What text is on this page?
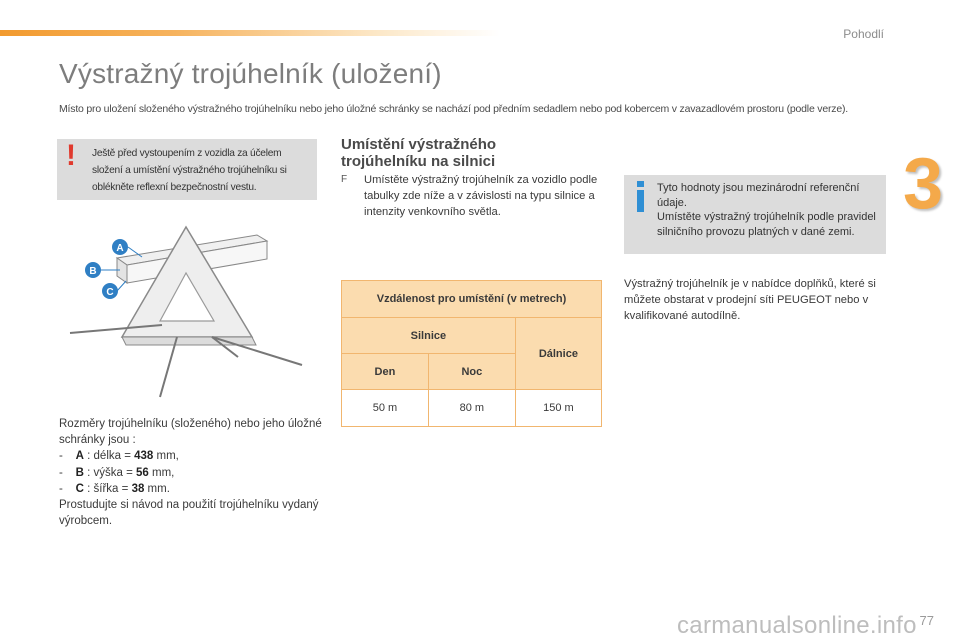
Pohodlí
3
Výstražný trojúhelník (uložení)
Místo pro uložení složeného výstražného trojúhelníku nebo jeho úložné schránky se nachází pod předním sedadlem nebo pod kobercem v zavazadlovém prostoru (podle verze).
! Ještě před vystoupením z vozidla za účelem složení a umístění výstražného trojúhelníku si oblékněte reflexní bezpečnostní vestu.
A
B
C
Rozměry trojúhelníku (složeného) nebo jeho úložné schránky jsou :
- A : délka = 438 mm,
- B : výška = 56 mm,
- C : šířka = 38 mm.
Prostudujte si návod na použití trojúhelníku vydaný výrobcem.
Umístění výstražného trojúhelníku na silnici
F Umístěte výstražný trojúhelník za vozidlo podle tabulky zde níže a v závislosti na typu silnice a intenzity venkovního světla.
Vzdálenost pro umístění (v metrech)		
Silnice		Dálnice
Den	Noc	
50 m	80 m	150 m
Tyto hodnoty jsou mezinárodní referenční údaje.
Umístěte výstražný trojúhelník podle pravidel silničního provozu platných v dané zemi.
Výstražný trojúhelník je v nabídce doplňků, které si můžete obstarat v prodejní síti PEUGEOT nebo v kvalifikované autodílně.
carmanualsonline.info 77
